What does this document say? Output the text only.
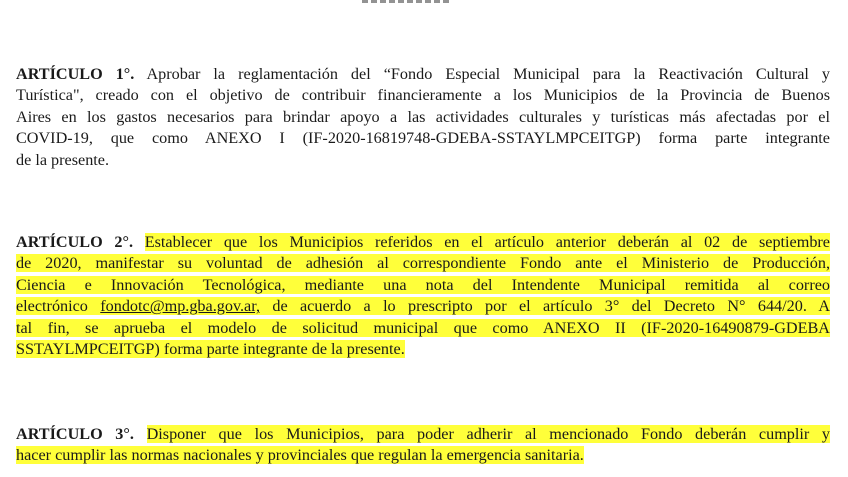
ARTÍCULO 1°. Aprobar la reglamentación del “Fondo Especial Municipal para la Reactivación Cultural y
Turística", creado con el objetivo de contribuir financieramente a los Municipios de la Provincia de Buenos
Aires en los gastos necesarios para brindar apoyo a las actividades culturales y turísticas más afectadas por el
COVID-19, que como ANEXO I (IF-2020-16819748-GDEBA-SSTAYLMPCEITGP) forma parte integrante
de la presente.
ARTÍCULO 2°. Establecer que los Municipios referidos en el artículo anterior deberán al 02 de septiembre
de 2020, manifestar su voluntad de adhesión al correspondiente Fondo ante el Ministerio de Producción,
Ciencia e Innovación Tecnológica, mediante una nota del Intendente Municipal remitida al correo
electrónico fondotc@mp.gba.gov.ar, de acuerdo a lo prescripto por el artículo 3° del Decreto N° 644/20. A
tal fin, se aprueba el modelo de solicitud municipal que como ANEXO II (IF-2020-16490879-GDEBA
SSTAYLMPCEITGP) forma parte integrante de la presente.
ARTÍCULO 3°. Disponer que los Municipios, para poder adherir al mencionado Fondo deberán cumplir y
hacer cumplir las normas nacionales y provinciales que regulan la emergencia sanitaria.
